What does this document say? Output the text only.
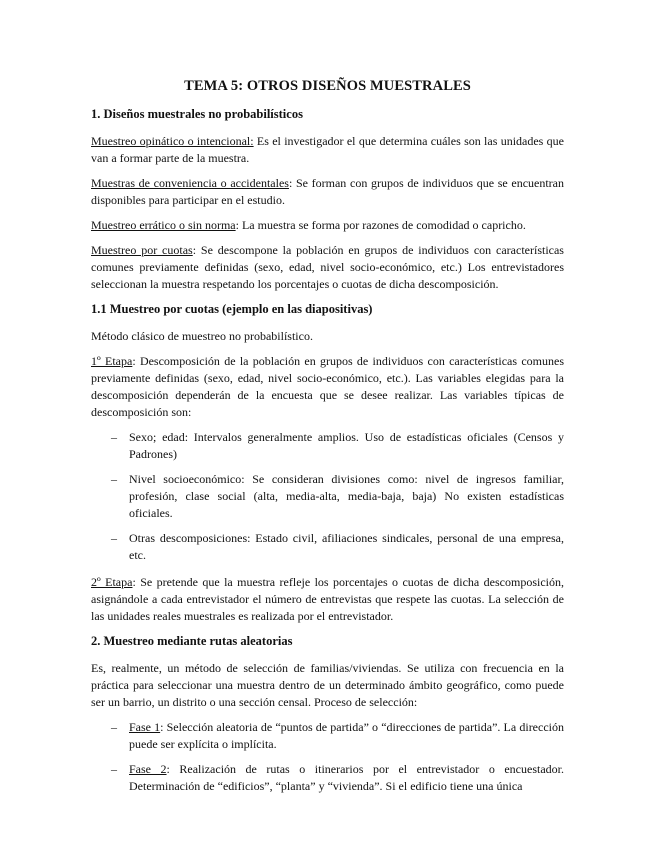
TEMA 5: OTROS DISEÑOS MUESTRALES
1. Diseños muestrales no probabilísticos

Muestreo opinático o intencional: Es el investigador el que determina cuáles son las unidades que van a formar parte de la muestra.

Muestras de conveniencia o accidentales: Se forman con grupos de individuos que se encuentran disponibles para participar en el estudio.

Muestreo errático o sin norma: La muestra se forma por razones de comodidad o capricho.

Muestreo por cuotas: Se descompone la población en grupos de individuos con características comunes previamente definidas (sexo, edad, nivel socio-económico, etc.) Los entrevistadores seleccionan la muestra respetando los porcentajes o cuotas de dicha descomposición.

1.1 Muestreo por cuotas (ejemplo en las diapositivas)

Método clásico de muestreo no probabilístico.

1º Etapa: Descomposición de la población en grupos de individuos con características comunes previamente definidas (sexo, edad, nivel socio-económico, etc.). Las variables elegidas para la descomposición dependerán de la encuesta que se desee realizar. Las variables típicas de descomposición son:

– Sexo; edad: Intervalos generalmente amplios. Uso de estadísticas oficiales (Censos y Padrones)
– Nivel socioeconómico: Se consideran divisiones como: nivel de ingresos familiar, profesión, clase social (alta, media-alta, media-baja, baja) No existen estadísticas oficiales.
– Otras descomposiciones: Estado civil, afiliaciones sindicales, personal de una empresa, etc.

2º Etapa: Se pretende que la muestra refleje los porcentajes o cuotas de dicha descomposición, asignándole a cada entrevistador el número de entrevistas que respete las cuotas. La selección de las unidades reales muestrales es realizada por el entrevistador.

2. Muestreo mediante rutas aleatorias

Es, realmente, un método de selección de familias/viviendas. Se utiliza con frecuencia en la práctica para seleccionar una muestra dentro de un determinado ámbito geográfico, como puede ser un barrio, un distrito o una sección censal. Proceso de selección:

– Fase 1: Selección aleatoria de “puntos de partida” o “direcciones de partida”. La dirección puede ser explícita o implícita.
– Fase 2: Realización de rutas o itinerarios por el entrevistador o encuestador. Determinación de “edificios”, “planta” y “vivienda”. Si el edificio tiene una única
